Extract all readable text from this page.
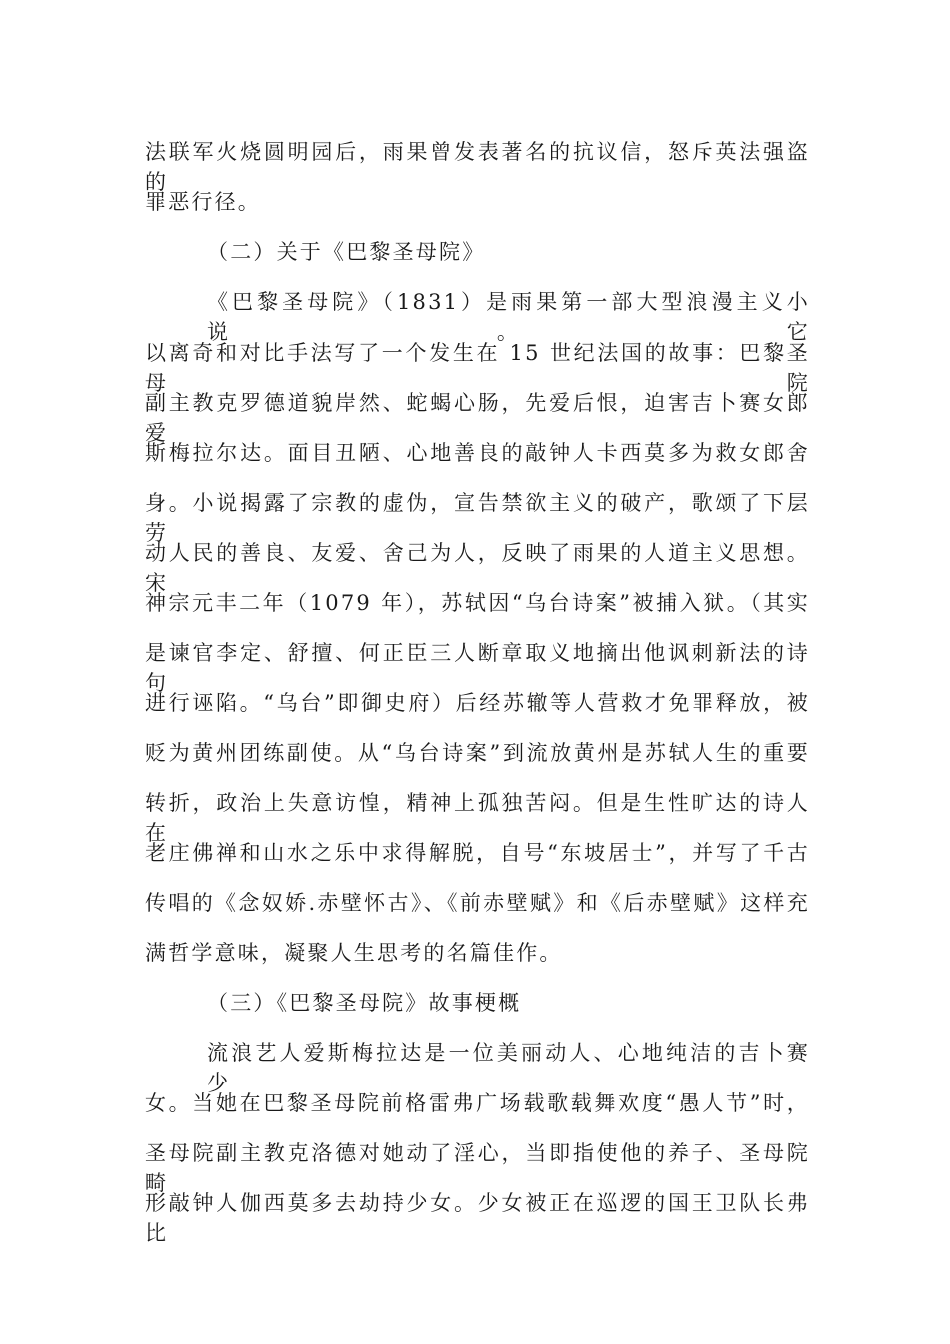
法联军火烧圆明园后，雨果曾发表著名的抗议信，怒斥英法强盗的
罪恶行径。
（二）关于《巴黎圣母院》
《巴黎圣母院》（1831）是雨果第一部大型浪漫主义小说。它
以离奇和对比手法写了一个发生在 15 世纪法国的故事：巴黎圣母院
副主教克罗德道貌岸然、蛇蝎心肠，先爱后恨，迫害吉卜赛女郎爱
斯梅拉尔达。面目丑陋、心地善良的敲钟人卡西莫多为救女郎舍
身。小说揭露了宗教的虚伪，宣告禁欲主义的破产，歌颂了下层劳
动人民的善良、友爱、舍己为人，反映了雨果的人道主义思想。宋
神宗元丰二年（1079 年），苏轼因“乌台诗案”被捕入狱。（其实
是谏官李定、舒擅、何正臣三人断章取义地摘出他讽刺新法的诗句
进行诬陷。“乌台”即御史府）后经苏辙等人营救才免罪释放，被
贬为黄州团练副使。从“乌台诗案”到流放黄州是苏轼人生的重要
转折，政治上失意访惶，精神上孤独苦闷。但是生性旷达的诗人在
老庄佛禅和山水之乐中求得解脱，自号“东坡居士”，并写了千古
传唱的《念奴娇.赤壁怀古》、《前赤壁赋》和《后赤壁赋》这样充
满哲学意味，凝聚人生思考的名篇佳作。
（三）《巴黎圣母院》故事梗概
流浪艺人爱斯梅拉达是一位美丽动人、心地纯洁的吉卜赛少
女。当她在巴黎圣母院前格雷弗广场载歌载舞欢度“愚人节”时，
圣母院副主教克洛德对她动了淫心，当即指使他的养子、圣母院畸
形敲钟人伽西莫多去劫持少女。少女被正在巡逻的国王卫队长弗比
